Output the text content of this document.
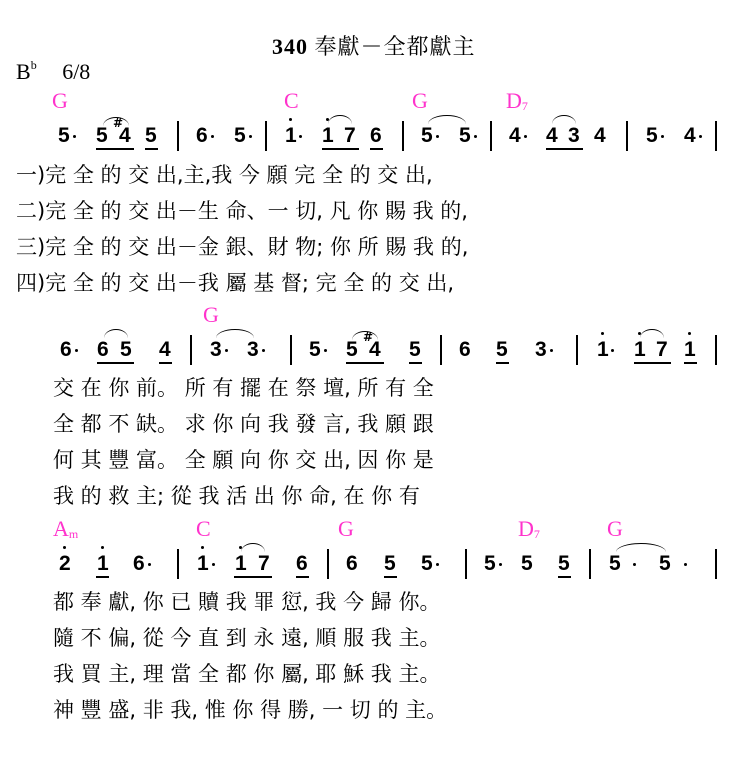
340 奉獻－全都獻主
$B^b$ 6/8
G	C	G	$D_7$
5 5
#
4 5 6 5 1 1 7 6 5 5 4 4 3 4 5 4
一)完 全 的 交 出,主,我 今 願 完 全 的 交 出,
二)完 全 的 交 出－生 命、一 切, 凡 你 賜 我 的,
三)完 全 的 交 出－金 銀、財 物; 你 所 賜 我 的,
四)完 全 的 交 出－我 屬 基 督; 完 全 的 交 出,
G
6 6 5 4 3 3 5 5
#
4 5 6 5 3 1 1 7 1
交 在 你 前。 所 有 擺 在 祭 壇, 所 有 全
全 都 不 缺。 求 你 向 我 發 言, 我 願 跟
何 其 豐 富。 全 願 向 你 交 出, 因 你 是
我 的 救 主; 從 我 活 出 你 命, 在 你 有
$A_m$	C	G	$D_7$	G
2 1 6 1 1 7 6 6 5 5 5 5 5 5 5
都 奉 獻, 你 已 贖 我 罪 愆, 我 今 歸 你。
隨 不 偏, 從 今 直 到 永 遠, 順 服 我 主。
我 買 主, 理 當 全 都 你 屬, 耶 穌 我 主。
神 豐 盛, 非 我, 惟 你 得 勝, 一 切 的 主。
